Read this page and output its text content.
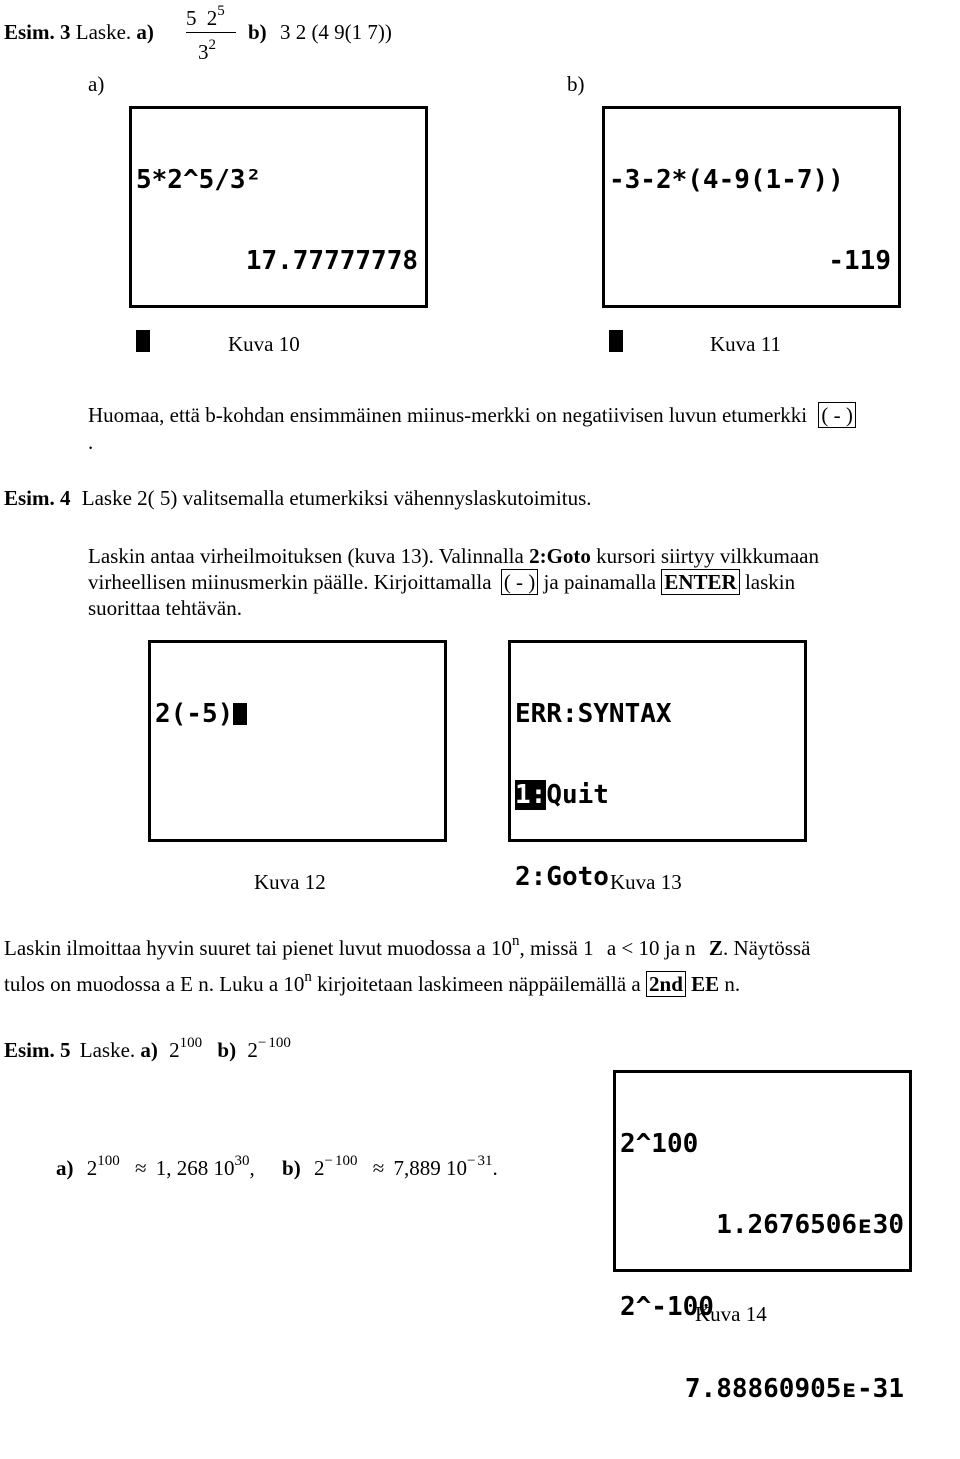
Esim. 3 Laske. a)
5 $2^5$
$3^2$
b) 3 2 (4 9(1 7))
a)	b)

5*2^5/3²

17.77777778

-3-2*(4-9(1-7))

-119

Kuva 10	Kuva 11
Huomaa, että b-kohdan ensimmäinen miinus-merkki on negatiivisen luvun etumerkki ( - )
.
Esim. 4 Laske 2( 5) valitsemalla etumerkiksi vähennyslaskutoimitus.
Laskin antaa virheilmoituksen (kuva 13). Valinnalla 2:Goto kursori siirtyy vilkkumaan
virheellisen miinusmerkin päälle. Kirjoittamalla ( - ) ja painamalla ENTER laskin
suorittaa tehtävän.

2(-5)

	ERR:SYNTAX

1:Quit

2:Goto

Kuva 12	Kuva 13
Laskin ilmoittaa hyvin suuret tai pienet luvut muodossa a 10$^n$, missä 1 a < 10 ja n Z. Näytössä
tulos on muodossa a E n. Luku a 10$^n$ kirjoitetaan laskimeen näppäilemällä a 2nd EE n.
Esim. 5 Laske. a) $2^{100}$ b) $2^{- 100}$
a) $2^{100} \approx 1$, 268 $10^{30}$, b) $2^{- 100} \approx 7,889$ $10^{- 31}$.

2^100

1.2676506ᴇ30

2^-100

7.88860905ᴇ-31

Kuva 14
